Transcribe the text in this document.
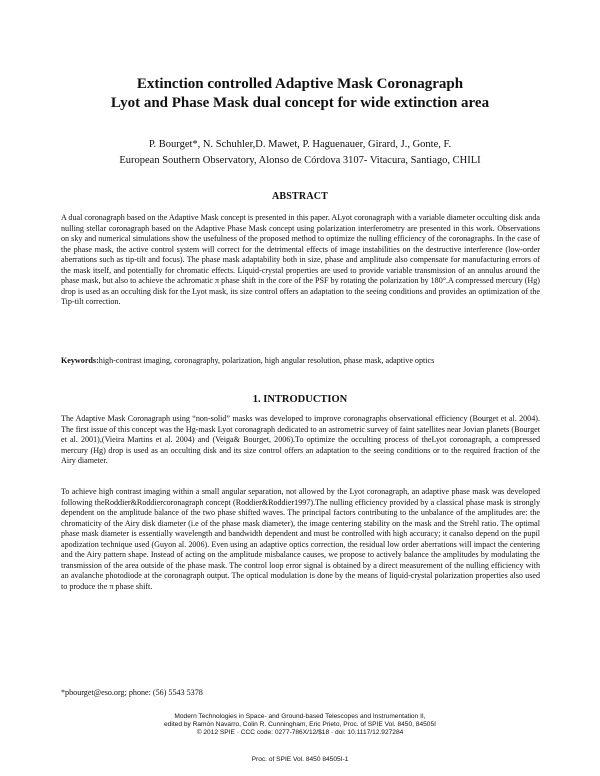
Extinction controlled Adaptive Mask Coronagraph
Lyot and Phase Mask dual concept for wide extinction area
P. Bourget*, N. Schuhler,D. Mawet, P. Haguenauer, Girard, J., Gonte, F.
European Southern Observatory, Alonso de Córdova 3107- Vitacura, Santiago, CHILI
ABSTRACT

A dual coronagraph based on the Adaptive Mask concept is presented in this paper. ALyot coronagraph with a variable diameter occulting disk anda nulling stellar coronagraph based on the Adaptive Phase Mask concept using polarization interferometry are presented in this work. Observations on sky and numerical simulations show the usefulness of the proposed method to optimize the nulling efficiency of the coronagraphs. In the case of the phase mask, the active control system will correct for the detrimental effects of image instabilities on the destructive interference (low-order aberrations such as tip-tilt and focus). The phase mask adaptability both in size, phase and amplitude also compensate for manufacturing errors of the mask itself, and potentially for chromatic effects. Liquid-crystal properties are used to provide variable transmission of an annulus around the phase mask, but also to achieve the achromatic π phase shift in the core of the PSF by rotating the polarization by 180°.A compressed mercury (Hg) drop is used as an occulting disk for the Lyot mask, its size control offers an adaptation to the seeing conditions and provides an optimization of the Tip-tilt correction.

Keywords:high-contrast imaging, coronagraphy, polarization, high angular resolution, phase mask, adaptive optics
1. INTRODUCTION

The Adaptive Mask Coronagraph using “non-solid” masks was developed to improve coronagraphs observational efficiency (Bourget et al. 2004). The first issue of this concept was the Hg-mask Lyot coronagraph dedicated to an astrometric survey of faint satellites near Jovian planets (Bourget et al. 2001),(Vieira Martins et al. 2004) and (Veiga& Bourget, 2006).To optimize the occulting process of theLyot coronagraph, a compressed mercury (Hg) drop is used as an occulting disk and its size control offers an adaptation to the seeing conditions or to the required fraction of the Airy diameter.

To achieve high contrast imaging within a small angular separation, not allowed by the Lyot coronagraph, an adaptive phase mask was developed following theRoddier&Roddiercoronagraph concept (Roddier&Roddier1997).The nulling efficiency provided by a classical phase mask is strongly dependent on the amplitude balance of the two phase shifted waves. The principal factors contributing to the unbalance of the amplitudes are: the chromaticity of the Airy disk diameter (i.e of the phase mask diameter), the image centering stability on the mask and the Strehl ratio. The optimal phase mask diameter is essentially wavelength and bandwidth dependent and must be controlled with high accuracy; it canalso depend on the pupil apodization technique used (Guyon al. 2006). Even using an adaptive optics correction, the residual low order aberrations will impact the centering and the Airy pattern shape. Instead of acting on the amplitude misbalance causes, we propose to actively balance the amplitudes by modulating the transmission of the area outside of the phase mask. The control loop error signal is obtained by a direct measurement of the nulling efficiency with an avalanche photodiode at the coronagraph output. The optical modulation is done by the means of liquid-crystal polarization properties also used to produce the π phase shift.

*pbourget@eso.org; phone: (56) 5543 5378
Modern Technologies in Space- and Ground-based Telescopes and Instrumentation II,
edited by Ramón Navarro, Colin R. Cunningham, Eric Prieto, Proc. of SPIE Vol. 8450, 84505I
© 2012 SPIE · CCC code: 0277-786X/12/$18 · doi: 10.1117/12.927284
Proc. of SPIE Vol. 8450 84505I-1
